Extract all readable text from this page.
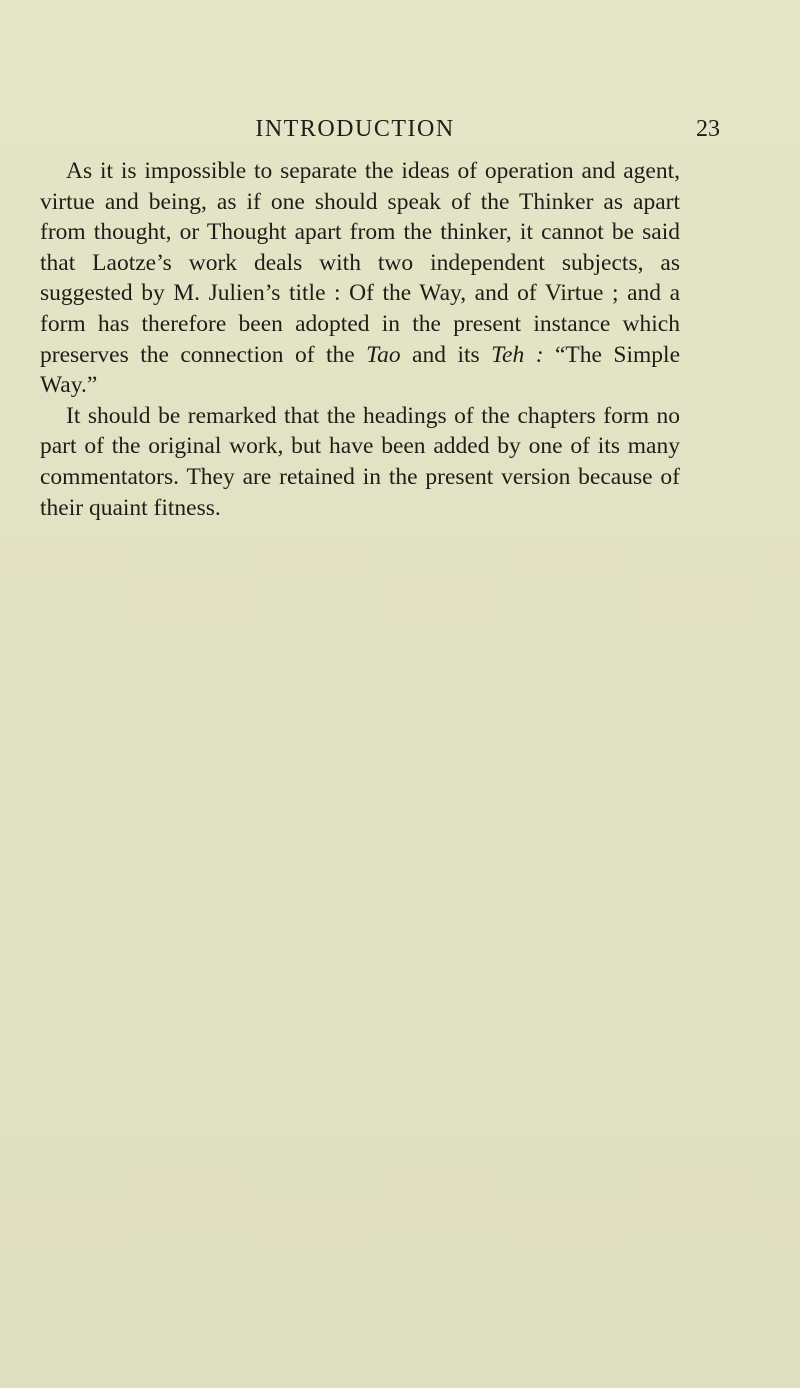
INTRODUCTION	23

As it is impossible to separate the ideas of operation and agent, virtue and being, as if one should speak of the Thinker as apart from thought, or Thought apart from the thinker, it cannot be said that Laotze’s work deals with two independent subjects, as suggested by M. Julien’s title : Of the Way, and of Virtue ; and a form has therefore been adopted in the present instance which preserves the connection of the Tao and its Teh : “The Simple Way.”

It should be remarked that the headings of the chapters form no part of the original work, but have been added by one of its many commentators. They are retained in the present version because of their quaint fitness.
